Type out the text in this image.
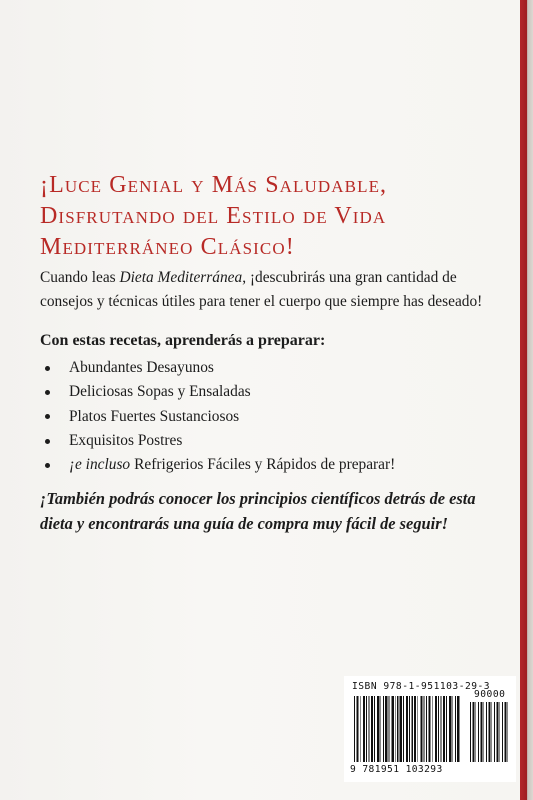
¡Luce Genial y Más Saludable,
Disfrutando del Estilo de Vida
Mediterráneo Clásico!

Cuando leas Dieta Mediterránea, ¡descubrirás una gran cantidad de consejos y técnicas útiles para tener el cuerpo que siempre has deseado!

Con estas recetas, aprenderás a preparar:

Abundantes Desayunos
Deliciosas Sopas y Ensaladas
Platos Fuertes Sustanciosos
Exquisitos Postres
¡e incluso Refrigerios Fáciles y Rápidos de preparar!

¡También podrás conocer los principios científicos detrás de esta dieta y encontrarás una guía de compra muy fácil de seguir!

ISBN 978-1-951103-29-3
90000
9 781951 103293
